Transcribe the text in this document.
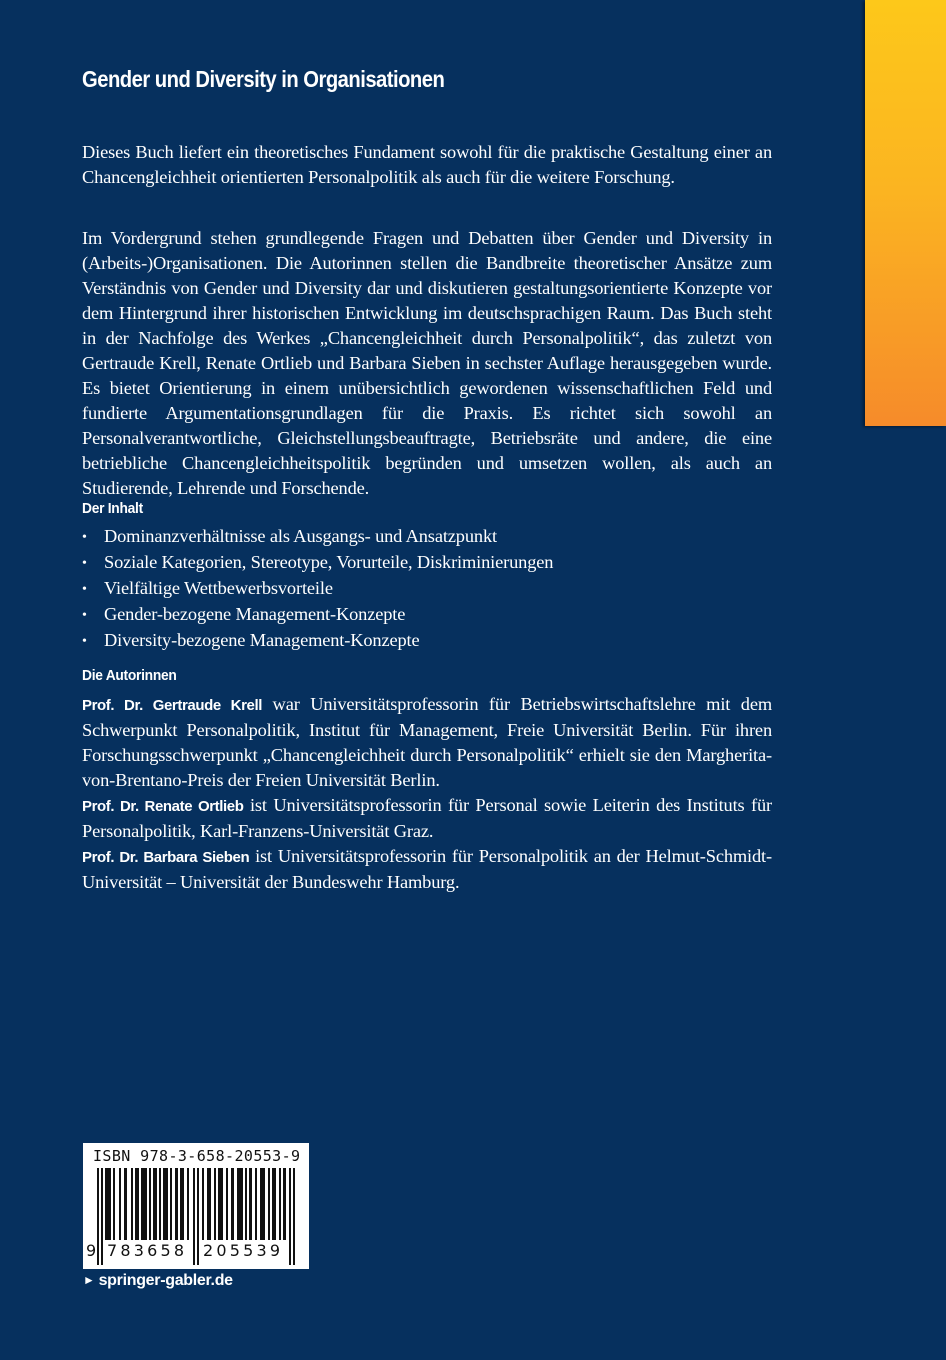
Gender und Diversity in Organisationen

Dieses Buch liefert ein theoretisches Fundament sowohl für die praktische Gestaltung einer an Chancengleichheit orientierten Personalpolitik als auch für die weitere Forschung.

Im Vordergrund stehen grundlegende Fragen und Debatten über Gender und Diversity in (Arbeits-)Organisationen. Die Autorinnen stellen die Bandbreite theoretischer Ansätze zum Verständnis von Gender und Diversity dar und diskutieren gestaltungsorientierte Konzepte vor dem Hintergrund ihrer historischen Entwicklung im deutschsprachigen Raum. Das Buch steht in der Nachfolge des Werkes „Chancengleichheit durch Personalpolitik“, das zuletzt von Gertraude Krell, Renate Ortlieb und Barbara Sieben in sechster Auflage herausgegeben wurde. Es bietet Orientierung in einem unübersichtlich gewordenen wissenschaftlichen Feld und fundierte Argumentationsgrundlagen für die Praxis. Es richtet sich sowohl an Personalverantwortliche, Gleichstellungsbeauftragte, Betriebsräte und andere, die eine betriebliche Chancengleichheitspolitik begründen und umsetzen wollen, als auch an Studierende, Lehrende und Forschende.

Der Inhalt
• Dominanzverhältnisse als Ausgangs- und Ansatzpunkt
• Soziale Kategorien, Stereotype, Vorurteile, Diskriminierungen
• Vielfältige Wettbewerbsvorteile
• Gender-bezogene Management-Konzepte
• Diversity-bezogene Management-Konzepte
Die Autorinnen

Prof. Dr. Gertraude Krell war Universitätsprofessorin für Betriebswirtschaftslehre mit dem Schwerpunkt Personalpolitik, Institut für Management, Freie Universität Berlin. Für ihren Forschungsschwerpunkt „Chancengleichheit durch Personalpolitik“ erhielt sie den Margherita-von-Brentano-Preis der Freien Universität Berlin.

Prof. Dr. Renate Ortlieb ist Universitätsprofessorin für Personal sowie Leiterin des Instituts für Personalpolitik, Karl-Franzens-Universität Graz.

Prof. Dr. Barbara Sieben ist Universitätsprofessorin für Personalpolitik an der Helmut-Schmidt-Universität – Universität der Bundeswehr Hamburg.

ISBN 978-3-658-20553-9
9 783658 205539
► springer-gabler.de
